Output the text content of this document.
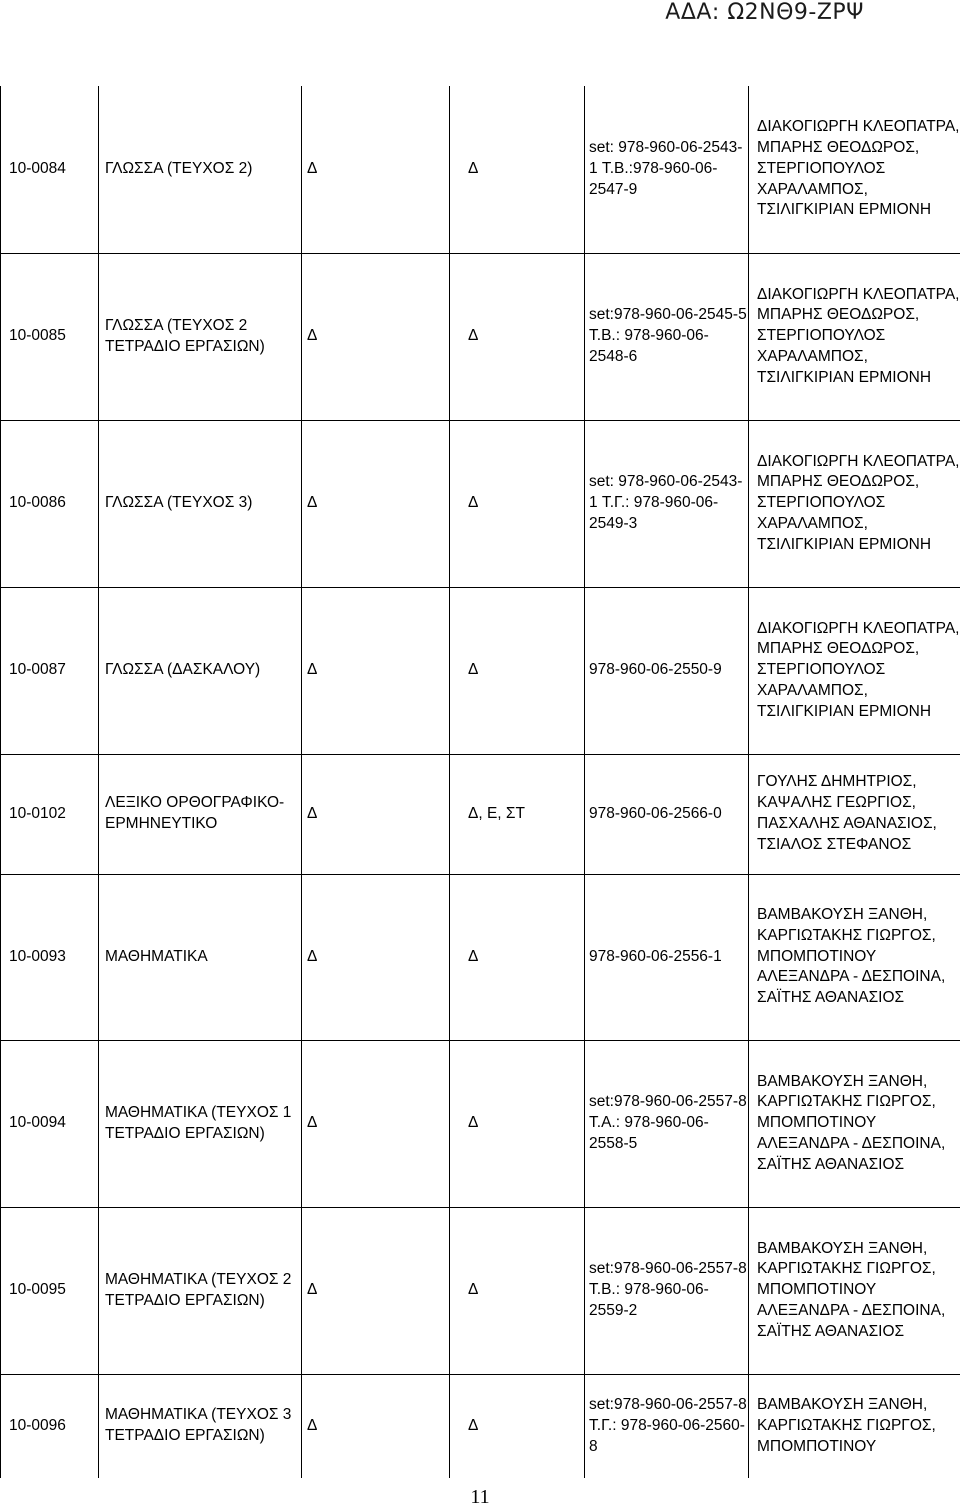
ΑΔΑ: Ω2ΝΘ9-ΖΡΨ
10-0084	ΓΛΩΣΣΑ (ΤΕΥΧΟΣ 2)	Δ	Δ	set: 978-960-06-2543-1 Τ.Β.:978-960-06-2547-9	ΔΙΑΚΟΓΙΩΡΓΗ ΚΛΕΟΠΑΤΡΑ, ΜΠΑΡΗΣ ΘΕΟΔΩΡΟΣ, ΣΤΕΡΓΙΟΠΟΥΛΟΣ ΧΑΡΑΛΑΜΠΟΣ, ΤΣΙΛΙΓΚΙΡΙΑΝ ΕΡΜΙΟΝΗ
10-0085	ΓΛΩΣΣΑ (ΤΕΥΧΟΣ 2 ΤΕΤΡΑΔΙΟ ΕΡΓΑΣΙΩΝ)	Δ	Δ	set:978-960-06-2545-5 Τ.Β.: 978-960-06-2548-6	ΔΙΑΚΟΓΙΩΡΓΗ ΚΛΕΟΠΑΤΡΑ, ΜΠΑΡΗΣ ΘΕΟΔΩΡΟΣ, ΣΤΕΡΓΙΟΠΟΥΛΟΣ ΧΑΡΑΛΑΜΠΟΣ, ΤΣΙΛΙΓΚΙΡΙΑΝ ΕΡΜΙΟΝΗ
10-0086	ΓΛΩΣΣΑ (ΤΕΥΧΟΣ 3)	Δ	Δ	set: 978-960-06-2543-1 Τ.Γ.: 978-960-06-2549-3	ΔΙΑΚΟΓΙΩΡΓΗ ΚΛΕΟΠΑΤΡΑ, ΜΠΑΡΗΣ ΘΕΟΔΩΡΟΣ, ΣΤΕΡΓΙΟΠΟΥΛΟΣ ΧΑΡΑΛΑΜΠΟΣ, ΤΣΙΛΙΓΚΙΡΙΑΝ ΕΡΜΙΟΝΗ
10-0087	ΓΛΩΣΣΑ (ΔΑΣΚΑΛΟΥ)	Δ	Δ	978-960-06-2550-9	ΔΙΑΚΟΓΙΩΡΓΗ ΚΛΕΟΠΑΤΡΑ, ΜΠΑΡΗΣ ΘΕΟΔΩΡΟΣ, ΣΤΕΡΓΙΟΠΟΥΛΟΣ ΧΑΡΑΛΑΜΠΟΣ, ΤΣΙΛΙΓΚΙΡΙΑΝ ΕΡΜΙΟΝΗ
10-0102	ΛΕΞΙΚΟ ΟΡΘΟΓΡΑΦΙΚΟ-ΕΡΜΗΝΕΥΤΙΚΟ	Δ	Δ, Ε, ΣΤ	978-960-06-2566-0	ΓΟΥΛΗΣ ΔΗΜΗΤΡΙΟΣ, ΚΑΨΑΛΗΣ ΓΕΩΡΓΙΟΣ, ΠΑΣΧΑΛΗΣ ΑΘΑΝΑΣΙΟΣ, ΤΣΙΑΛΟΣ ΣΤΕΦΑΝΟΣ
10-0093	ΜΑΘΗΜΑΤΙΚΑ	Δ	Δ	978-960-06-2556-1	ΒΑΜΒΑΚΟΥΣΗ ΞΑΝΘΗ, ΚΑΡΓΙΩΤΑΚΗΣ ΓΙΩΡΓΟΣ, ΜΠΟΜΠΟΤΙΝΟΥ ΑΛΕΞΑΝΔΡΑ - ΔΕΣΠΟΙΝΑ, ΣΑΪΤΗΣ ΑΘΑΝΑΣΙΟΣ
10-0094	ΜΑΘΗΜΑΤΙΚΑ (ΤΕΥΧΟΣ 1 ΤΕΤΡΑΔΙΟ ΕΡΓΑΣΙΩΝ)	Δ	Δ	set:978-960-06-2557-8 Τ.Α.: 978-960-06-2558-5	ΒΑΜΒΑΚΟΥΣΗ ΞΑΝΘΗ, ΚΑΡΓΙΩΤΑΚΗΣ ΓΙΩΡΓΟΣ, ΜΠΟΜΠΟΤΙΝΟΥ ΑΛΕΞΑΝΔΡΑ - ΔΕΣΠΟΙΝΑ, ΣΑΪΤΗΣ ΑΘΑΝΑΣΙΟΣ
10-0095	ΜΑΘΗΜΑΤΙΚΑ (ΤΕΥΧΟΣ 2 ΤΕΤΡΑΔΙΟ ΕΡΓΑΣΙΩΝ)	Δ	Δ	set:978-960-06-2557-8 Τ.Β.: 978-960-06-2559-2	ΒΑΜΒΑΚΟΥΣΗ ΞΑΝΘΗ, ΚΑΡΓΙΩΤΑΚΗΣ ΓΙΩΡΓΟΣ, ΜΠΟΜΠΟΤΙΝΟΥ ΑΛΕΞΑΝΔΡΑ - ΔΕΣΠΟΙΝΑ, ΣΑΪΤΗΣ ΑΘΑΝΑΣΙΟΣ
10-0096	ΜΑΘΗΜΑΤΙΚΑ (ΤΕΥΧΟΣ 3 ΤΕΤΡΑΔΙΟ ΕΡΓΑΣΙΩΝ)	Δ	Δ	set:978-960-06-2557-8 Τ.Γ.: 978-960-06-2560-8	ΒΑΜΒΑΚΟΥΣΗ ΞΑΝΘΗ, ΚΑΡΓΙΩΤΑΚΗΣ ΓΙΩΡΓΟΣ, ΜΠΟΜΠΟΤΙΝΟΥ
11
